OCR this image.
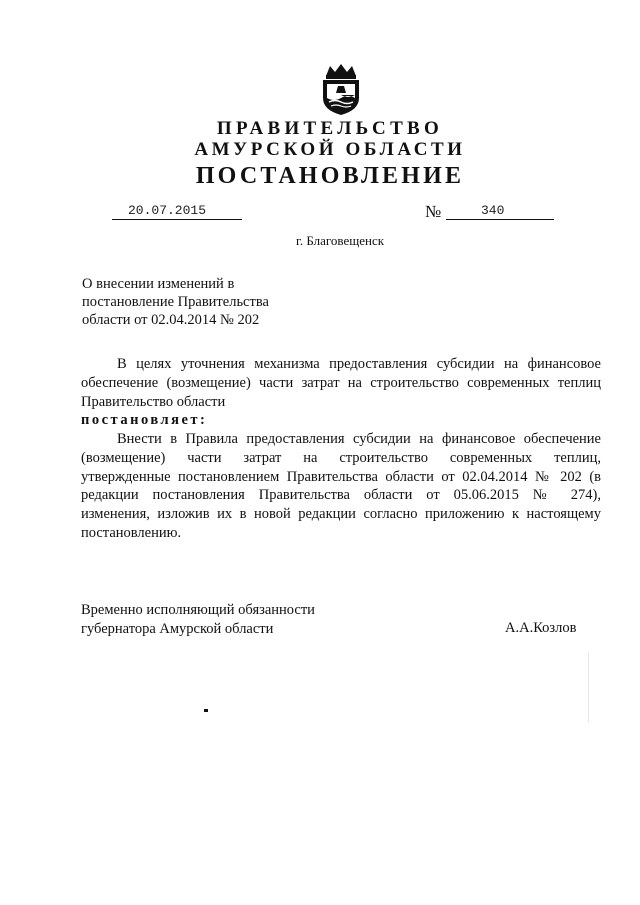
ПРАВИТЕЛЬСТВО
АМУРСКОЙ ОБЛАСТИ
ПОСТАНОВЛЕНИЕ
20.07.2015	№	340
г. Благовещенск
О внесении изменений в
постановление Правительства
области от 02.04.2014 № 202
В целях уточнения механизма предоставления субсидии на финансовое
обеспечение (возмещение) части затрат на строительство современных теплиц
Правительство области
постановляет:
Внести в Правила предоставления субсидии на финансовое обеспечение
(возмещение) части затрат на строительство современных теплиц,
утвержденные постановлением Правительства области от 02.04.2014 № 202 (в
редакции постановления Правительства области от 05.06.2015 № 274),
изменения, изложив их в новой редакции согласно приложению к настоящему
постановлению.
Временно исполняющий обязанности
губернатора Амурской области	А.А.Козлов
